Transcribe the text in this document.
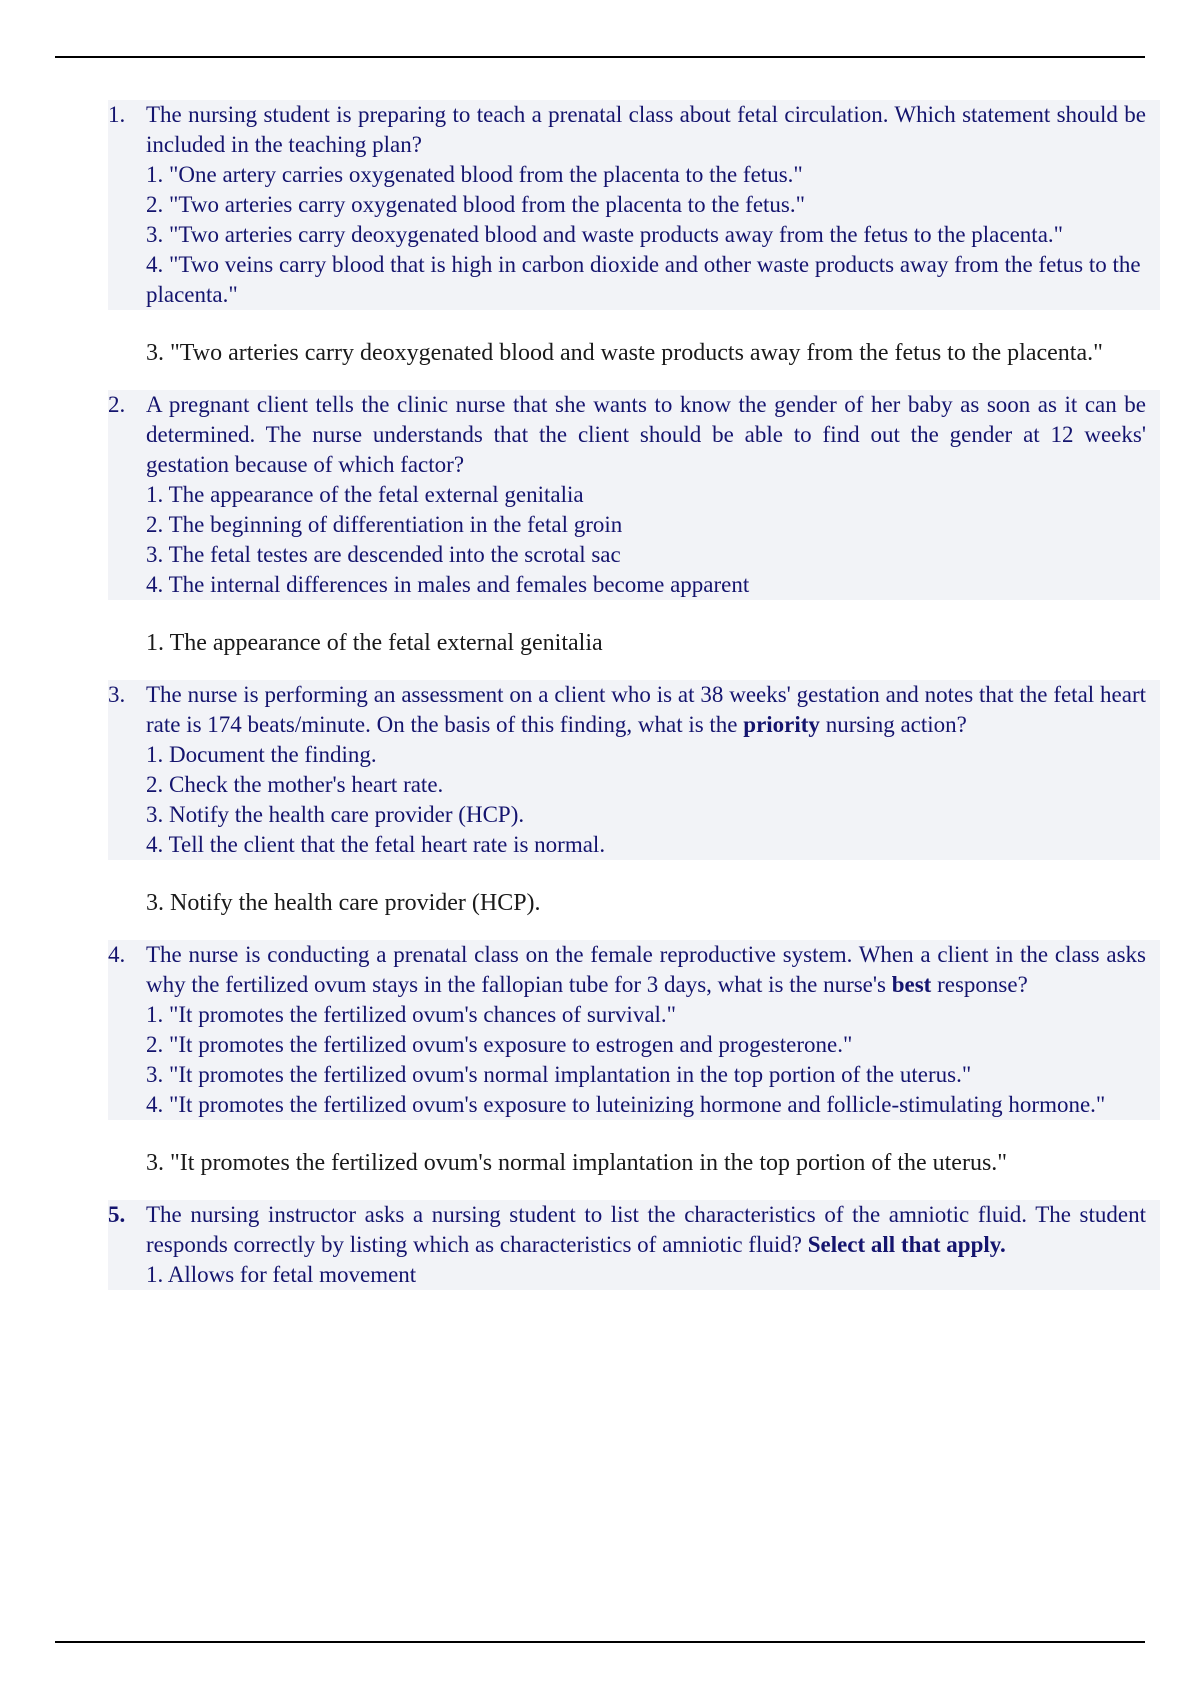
1. The nursing student is preparing to teach a prenatal class about fetal circulation. Which statement should be included in the teaching plan?

1. "One artery carries oxygenated blood from the placenta to the fetus."

2. "Two arteries carry oxygenated blood from the placenta to the fetus."

3. "Two arteries carry deoxygenated blood and waste products away from the fetus to the placenta."

4. "Two veins carry blood that is high in carbon dioxide and other waste products away from the fetus to the placenta."

3. "Two arteries carry deoxygenated blood and waste products away from the fetus to the placenta."

2. A pregnant client tells the clinic nurse that she wants to know the gender of her baby as soon as it can be determined. The nurse understands that the client should be able to find out the gender at 12 weeks' gestation because of which factor?

1. The appearance of the fetal external genitalia

2. The beginning of differentiation in the fetal groin

3. The fetal testes are descended into the scrotal sac

4. The internal differences in males and females become apparent

1. The appearance of the fetal external genitalia

3. The nurse is performing an assessment on a client who is at 38 weeks' gestation and notes that the fetal heart rate is 174 beats/minute. On the basis of this finding, what is the priority nursing action?

1. Document the finding.

2. Check the mother's heart rate.

3. Notify the health care provider (HCP).

4. Tell the client that the fetal heart rate is normal.

3. Notify the health care provider (HCP).

4. The nurse is conducting a prenatal class on the female reproductive system. When a client in the class asks why the fertilized ovum stays in the fallopian tube for 3 days, what is the nurse's best response?

1. "It promotes the fertilized ovum's chances of survival."

2. "It promotes the fertilized ovum's exposure to estrogen and progesterone."

3. "It promotes the fertilized ovum's normal implantation in the top portion of the uterus."

4. "It promotes the fertilized ovum's exposure to luteinizing hormone and follicle-stimulating hormone."

3. "It promotes the fertilized ovum's normal implantation in the top portion of the uterus."

5. The nursing instructor asks a nursing student to list the characteristics of the amniotic fluid. The student responds correctly by listing which as characteristics of amniotic fluid? Select all that apply.

1. Allows for fetal movement
